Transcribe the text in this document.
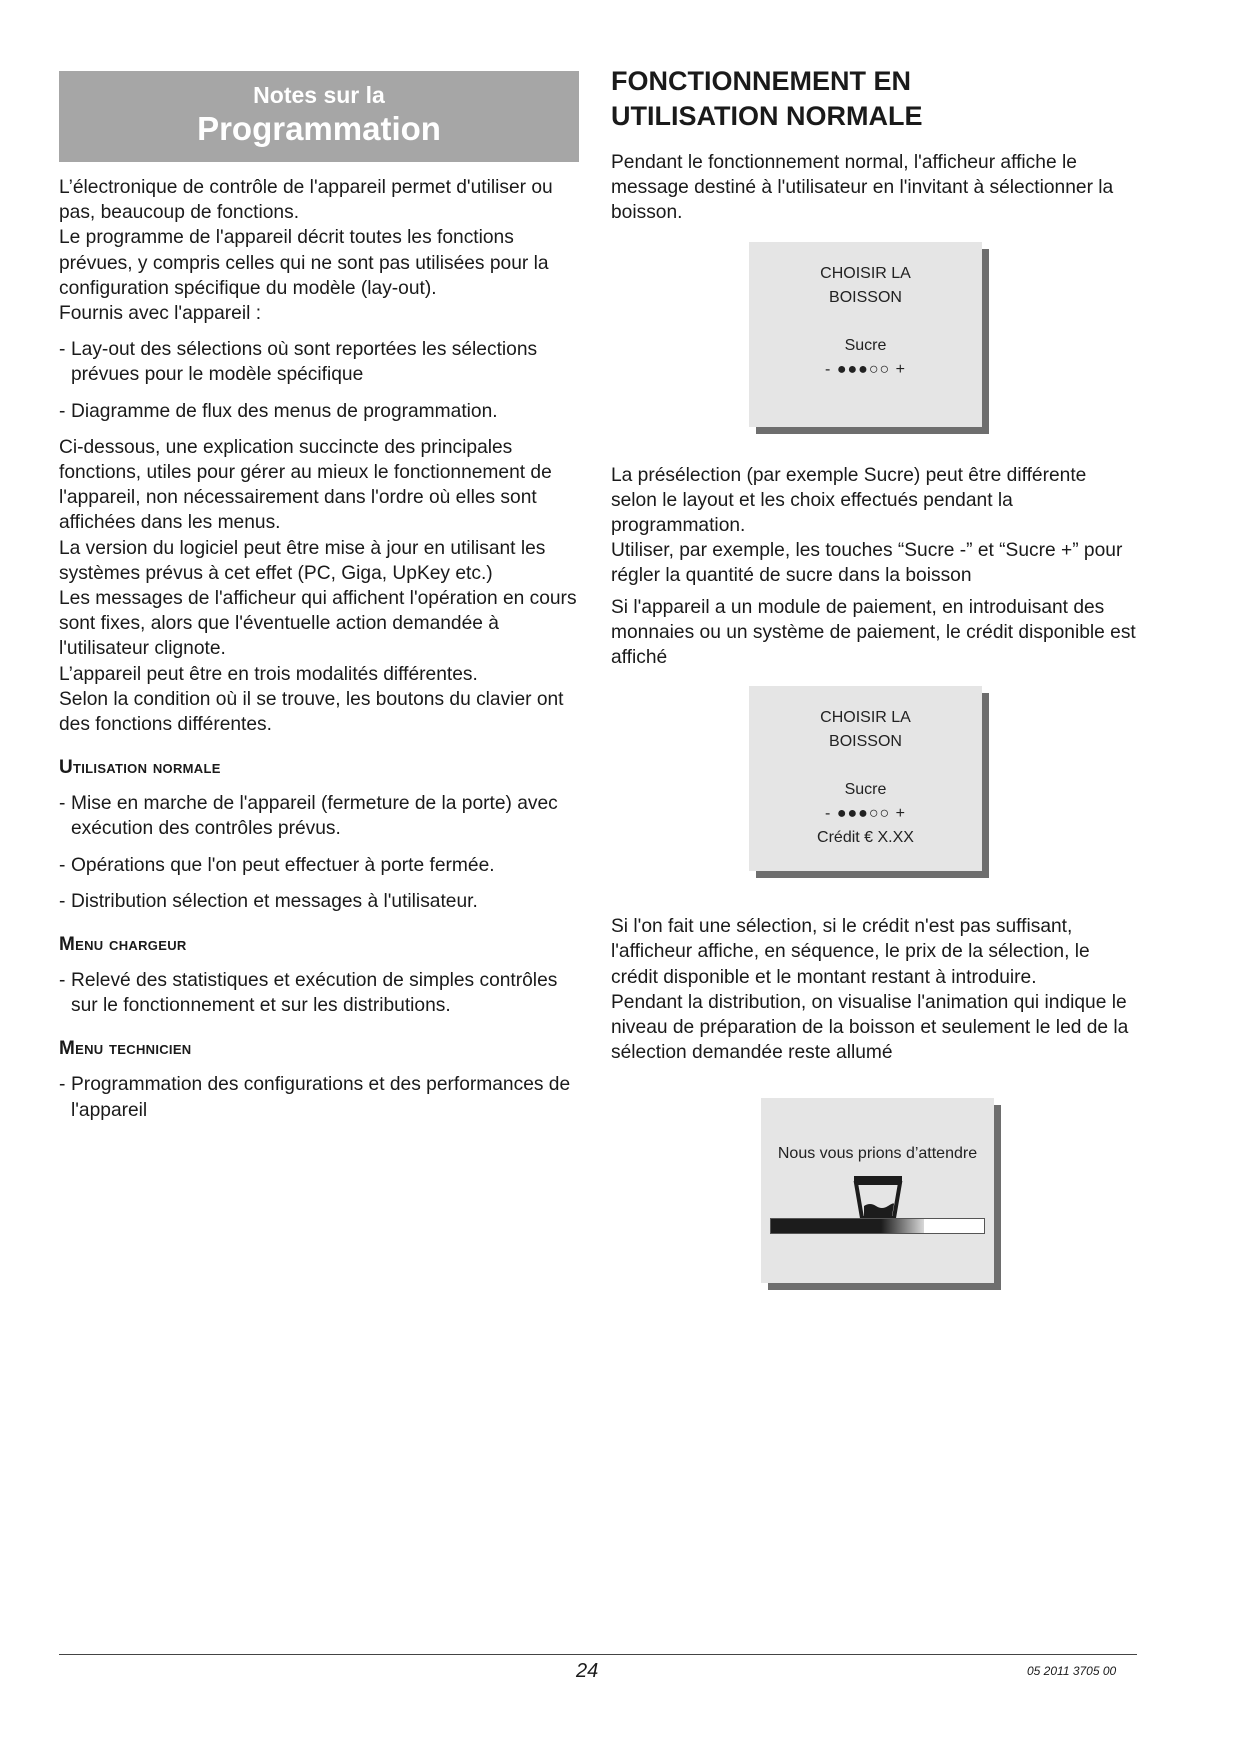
Notes sur la
Programmation

L’électronique de contrôle de l'appareil permet d'utiliser ou pas, beaucoup de fonctions.

Le programme de l'appareil décrit toutes les fonctions prévues, y compris celles qui ne sont pas utilisées pour la configuration spécifique du modèle (lay-out).

Fournis avec l'appareil :

- Lay-out des sélections où sont reportées les sélections prévues pour le modèle spécifique
- Diagramme de flux des menus de programmation.

Ci-dessous, une explication succincte des principales fonctions, utiles pour gérer au mieux le fonctionnement de l'appareil, non nécessairement dans l'ordre où elles sont affichées dans les menus.

La version du logiciel peut être mise à jour en utilisant les systèmes prévus à cet effet (PC, Giga, UpKey etc.)

Les messages de l'afficheur qui affichent l'opération en cours sont fixes, alors que l'éventuelle action demandée à l'utilisateur clignote.

L’appareil peut être en trois modalités différentes.

Selon la condition où il se trouve, les boutons du clavier ont des fonctions différentes.

Utilisation normale
- Mise en marche de l'appareil (fermeture de la porte) avec exécution des contrôles prévus.
- Opérations que l'on peut effectuer à porte fermée.
- Distribution sélection et messages à l'utilisateur.
Menu chargeur
- Relevé des statistiques et exécution de simples contrôles sur le fonctionnement et sur les distributions.
Menu technicien
- Programmation des configurations et des performances de l'appareil
FONCTIONNEMENT EN
UTILISATION NORMALE

Pendant le fonctionnement normal, l'afficheur affiche le message destiné à l'utilisateur en l'invitant à sélectionner la boisson.

CHOISIR LA
BOISSON
Sucre
- ●●●○○ +

La présélection (par exemple Sucre) peut être différente selon le layout et les choix effectués pendant la programmation.

Utiliser, par exemple, les touches “Sucre -” et “Sucre +” pour régler la quantité de sucre dans la boisson

Si l'appareil a un module de paiement, en introduisant des monnaies ou un système de paiement, le crédit disponible est affiché

CHOISIR LA
BOISSON
Sucre
- ●●●○○ +
Crédit € X.XX

Si l'on fait une sélection, si le crédit n'est pas suffisant, l'afficheur affiche, en séquence, le prix de la sélection, le crédit disponible et le montant restant à introduire.

Pendant la distribution, on visualise l'animation qui indique le niveau de préparation de la boisson et seulement le led de la sélection demandée reste allumé

Nous vous prions d’attendre
24	05 2011 3705 00
